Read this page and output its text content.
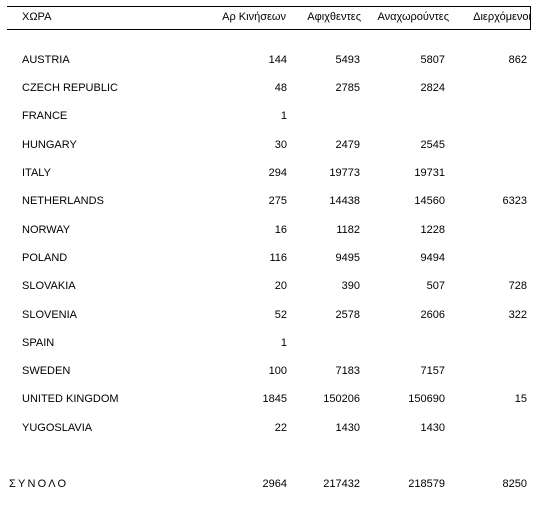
ΧΩΡΑ	Αρ Κινήσεων Αφιχθεντες Αναχωρούντες Διερχόμενοι
AUSTRIA	144	5493	5807	862
CZECH REPUBLIC	48	2785	2824
FRANCE	1
HUNGARY	30	2479	2545
ITALY	294	19773	19731
NETHERLANDS	275	14438	14560	6323
NORWAY	16	1182	1228
POLAND	116	9495	9494
SLOVAKIA	20	390	507	728
SLOVENIA	52	2578	2606	322
SPAIN	1
SWEDEN	100	7183	7157
UNITED KINGDOM	1845	150206	150690	15
YUGOSLAVIA	22	1430	1430
ΣΥΝΟΛΟ	2964	217432	218579	8250
